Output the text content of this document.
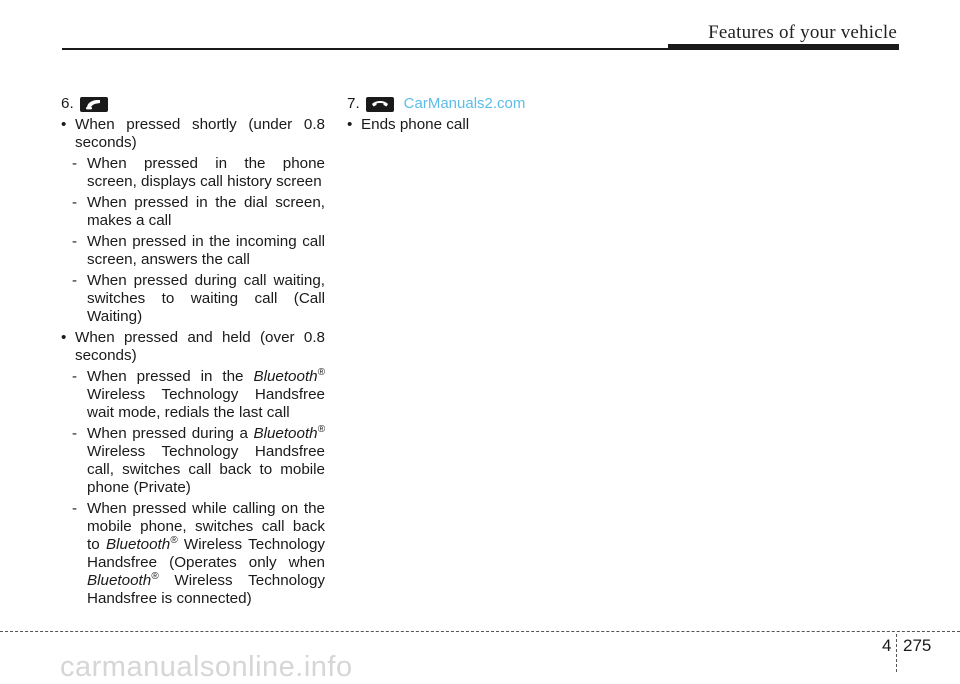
Features of your vehicle
6.
• When pressed shortly (under 0.8 seconds)
- When pressed in the phone screen, displays call history screen
- When pressed in the dial screen, makes a call
- When pressed in the incoming call screen, answers the call
- When pressed during call waiting, switches to waiting call (Call Waiting)
• When pressed and held (over 0.8 seconds)
- When pressed in the Bluetooth® Wireless Technology Handsfree wait mode, redials the last call
- When pressed during a Bluetooth® Wireless Technology Handsfree call, switches call back to mobile phone (Private)
- When pressed while calling on the mobile phone, switches call back to Bluetooth® Wireless Technology Handsfree (Operates only when Bluetooth® Wireless Technology Handsfree is connected)
7.	CarManuals2.com
• Ends phone call
4 275
carmanualsonline.info
